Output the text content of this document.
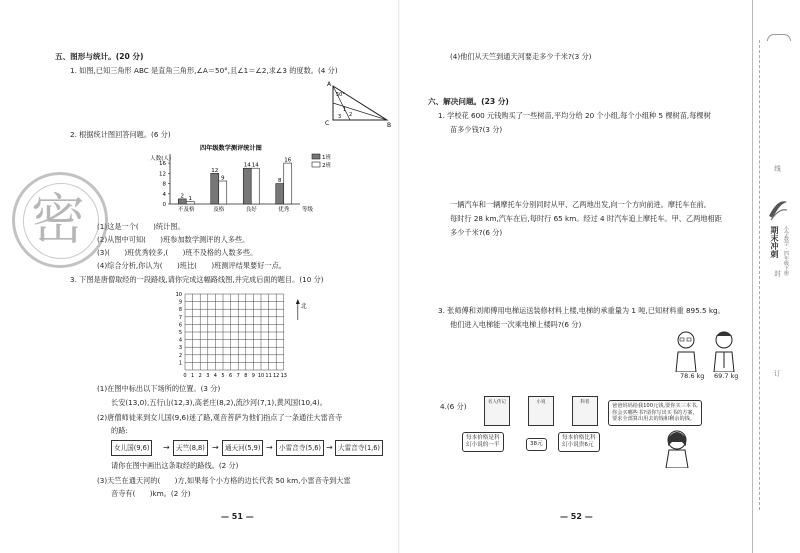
五、图形与统计。(20 分)
1. 如图,已知三角形 ABC 是直角三角形,∠A＝50°,且∠1＝∠2,求∠3 的度数。(4 分)
A
C	B
50°
1
2
3
2. 根据统计图回答问题。(6 分)
四年级数学测评统计图
人数(人)
0
4
8
12
16
2 1
不及格
12
9
及格
14 14
良好
8
16
优秀 等级
1班
2班
(1)这是一个(　　)统计图。
(2)从图中可知(　　)班参加数学测评的人多些。
(3)(　　)班优秀较多,(　　)班不及格的人数多些。
(4)综合分析,你认为(　　)班比(　　)班测评结果要好一点。
3. 下图是唐僧取经的一段路线,请你完成这幅路线图,并完成后面的题目。(10 分)
0 1 2 3 4 5 6 7 8 9 10 11 12 13
1
2
3
4
5
6
7
8
9
10
北
(1)在图中标出以下场所的位置。(3 分)
长安(13,0),五行山(12,3),高老庄(8,2),流沙河(7,1),黄风国(10,4)。
(2)唐僧师徒来到女儿国(9,6)迷了路,观音菩萨为他们指点了一条通往大雷音寺
的路:
女儿国(9,6)	→ 天竺(8,8) → 通天河(5,9) → 小雷音寺(5,6) → 大雷音寺(1,6)
请你在图中画出这条取经的路线。(2 分)
(3)天竺在通天河的(　　)方,如果每个小方格的边长代表 50 km,小雷音寺到大雷
音寺有(　　)km。(2 分)
— 51 —
密
(4)他们从天竺到通天河要走多少千米?(3 分)
六、解决问题。(23 分)
1. 学校花 600 元钱购买了一些树苗,平均分给 20 个小组,每个小组种 5 棵树苗,每棵树
苗多少钱?(3 分)
一辆汽车和一辆摩托车分别同时从甲、乙两地出发,向一个方向前进。摩托车在前,
每时行 28 km,汽车在后,每时行 65 km。经过 4 时汽车追上摩托车。甲、乙两地相距
多少千米?(6 分)
3. 张师傅和刘师傅用电梯运送装修材料上楼,电梯的承重量为 1 吨,已知材料重 895.5 kg。
他们进入电梯能一次乘电梯上楼吗?(6 分)
78.6 kg 69.7 kg
4.(6 分)	名人传记	小说	科普
每本价格是科
幻小说的一半	38元
每本价格比科
幻小说贵6元
爸爸妈妈给我100元钱,要你买三本书,
你会买哪些书?请你写出买书的方案,
要求全部算出用去的钱和剩余的钱。
— 52 —
期末冲刺 小学数学 · 四年级下册
线
封
订
